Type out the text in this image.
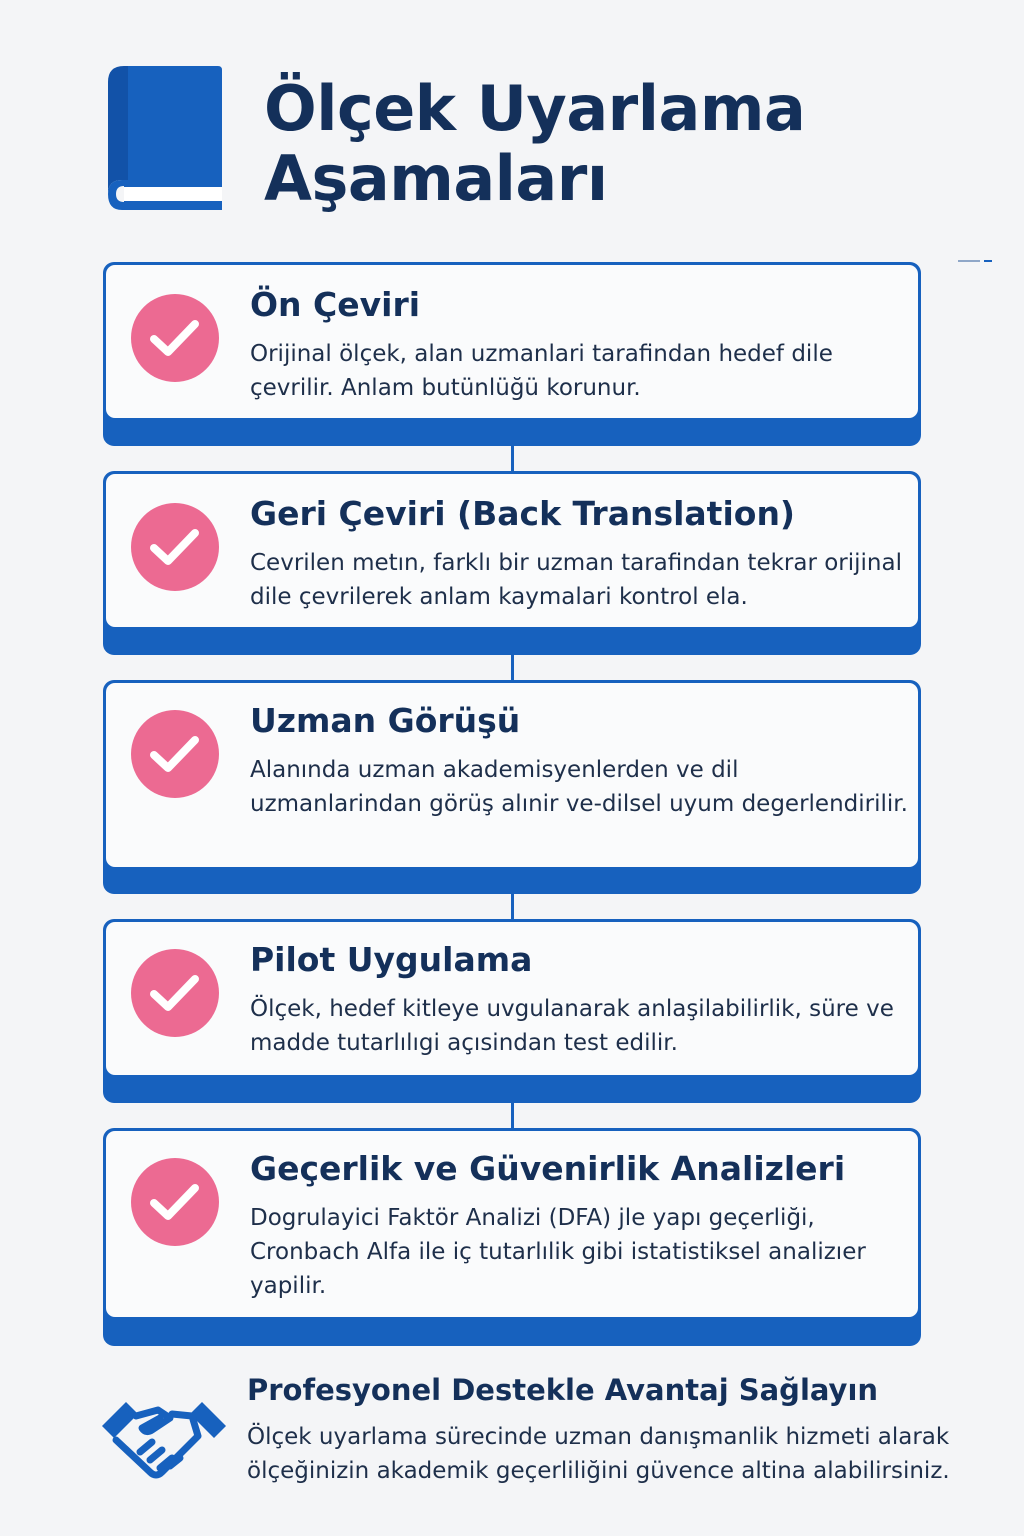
Ölçek Uyarlama
Aşamaları
Ön Çeviri

Orijinal ölçek, alan uzmanlari tarafindan hedef dile çevrilir. Anlam butünlüğü korunur.

Geri Çeviri (Back Translation)

Cevrilen metın, farklı bir uzman tarafindan tekrar orijinal dile çevrilerek anlam kaymalari kontrol ela.

Uzman Görüşü

Alanında uzman akademisyenlerden ve dil uzmanlarindan görüş alınir ve-dilsel uyum degerlendirilir.

Pilot Uygulama

Ölçek, hedef kitleye uvgulanarak anlaşilabilirlik, süre ve madde tutarlılıgi açısindan test edilir.

Geçerlik ve Güvenirlik Analizleri

Dogrulayici Faktör Analizi (DFA) jle yapı geçerliği, Cronbach Alfa ile iç tutarlılik gibi istatistiksel analizıer yapilir.

Profesyonel Destekle Avantaj Sağlayın

Ölçek uyarlama sürecinde uzman danışmanlik hizmeti alarak ölçeğinizin akademik geçerliliğini güvence altina alabilirsiniz.
